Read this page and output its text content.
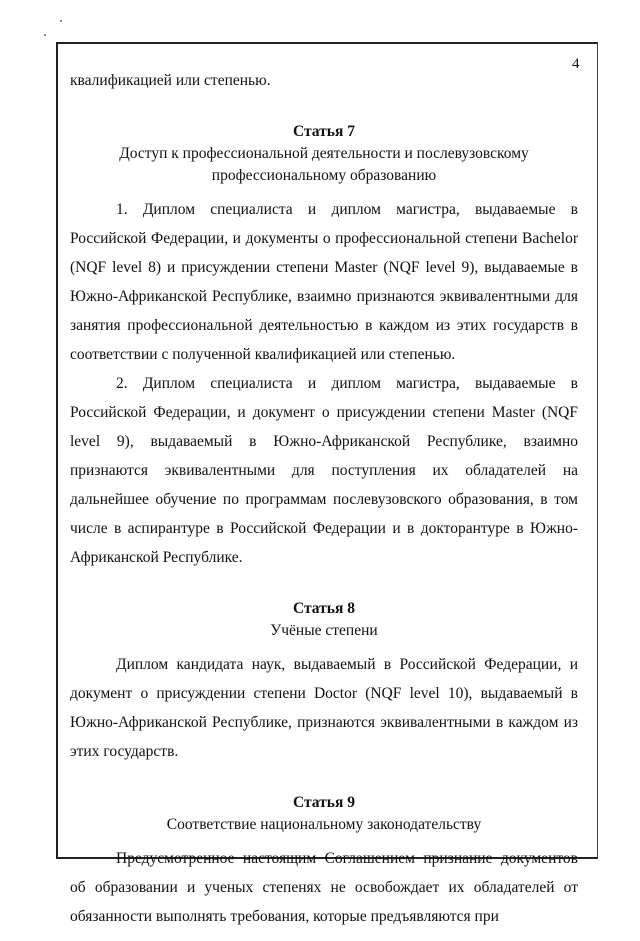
4

квалификацией или степенью.

Статья 7
Доступ к профессиональной деятельности и послевузовскому
профессиональному образованию

1. Диплом специалиста и диплом магистра, выдаваемые в Российской Федерации, и документы о профессиональной степени Bachelor (NQF level 8) и присуждении степени Master (NQF level 9), выдаваемые в Южно-Африканской Республике, взаимно признаются эквивалентными для занятия профессиональной деятельностью в каждом из этих государств в соответствии с полученной квалификацией или степенью.

2. Диплом специалиста и диплом магистра, выдаваемые в Российской Федерации, и документ о присуждении степени Master (NQF level 9), выдаваемый в Южно-Африканской Республике, взаимно признаются эквивалентными для поступления их обладателей на дальнейшее обучение по программам послевузовского образования, в том числе в аспирантуре в Российской Федерации и в докторантуре в Южно-Африканской Республике.

Статья 8
Учёные степени

Диплом кандидата наук, выдаваемый в Российской Федерации, и документ о присуждении степени Doctor (NQF level 10), выдаваемый в Южно-Африканской Республике, признаются эквивалентными в каждом из этих государств.

Статья 9
Соответствие национальному законодательству

Предусмотренное настоящим Соглашением признание документов об образовании и ученых степенях не освобождает их обладателей от обязанности выполнять требования, которые предъявляются при
